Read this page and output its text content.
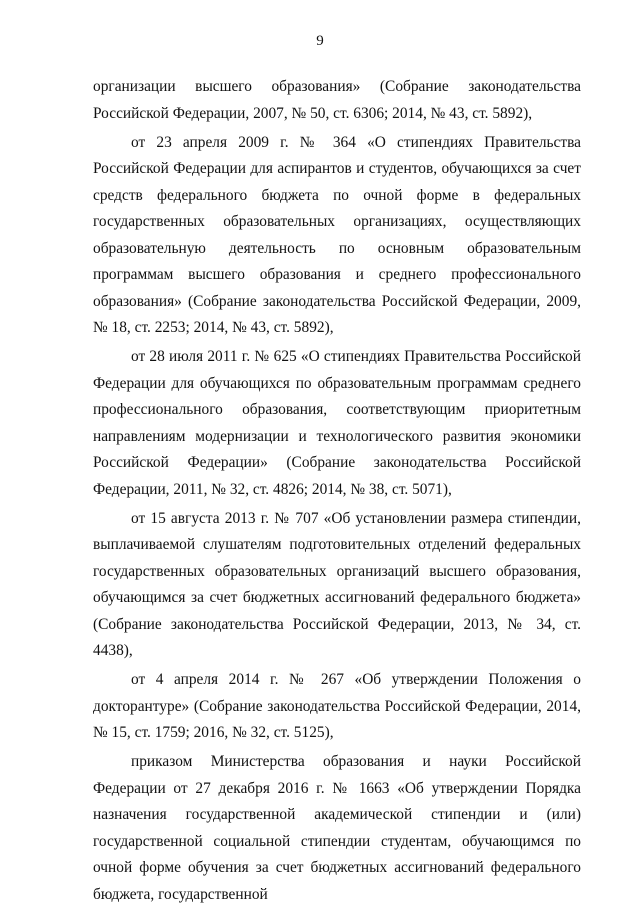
9

организации высшего образования» (Собрание законодательства Российской Федерации, 2007, № 50, ст. 6306; 2014, № 43, ст. 5892),

от 23 апреля 2009 г. № 364 «О стипендиях Правительства Российской Федерации для аспирантов и студентов, обучающихся за счет средств федерального бюджета по очной форме в федеральных государственных образовательных организациях, осуществляющих образовательную деятельность по основным образовательным программам высшего образования и среднего профессионального образования» (Собрание законодательства Российской Федерации, 2009, № 18, ст. 2253; 2014, № 43, ст. 5892),

от 28 июля 2011 г. № 625 «О стипендиях Правительства Российской Федерации для обучающихся по образовательным программам среднего профессионального образования, соответствующим приоритетным направлениям модернизации и технологического развития экономики Российской Федерации» (Собрание законодательства Российской Федерации, 2011, № 32, ст. 4826; 2014, № 38, ст. 5071),

от 15 августа 2013 г. № 707 «Об установлении размера стипендии, выплачиваемой слушателям подготовительных отделений федеральных государственных образовательных организаций высшего образования, обучающимся за счет бюджетных ассигнований федерального бюджета» (Собрание законодательства Российской Федерации, 2013, № 34, ст. 4438),

от 4 апреля 2014 г. № 267 «Об утверждении Положения о докторантуре» (Собрание законодательства Российской Федерации, 2014, № 15, ст. 1759; 2016, № 32, ст. 5125),

приказом Министерства образования и науки Российской Федерации от 27 декабря 2016 г. № 1663 «Об утверждении Порядка назначения государственной академической стипендии и (или) государственной социальной стипендии студентам, обучающимся по очной форме обучения за счет бюджетных ассигнований федерального бюджета, государственной
